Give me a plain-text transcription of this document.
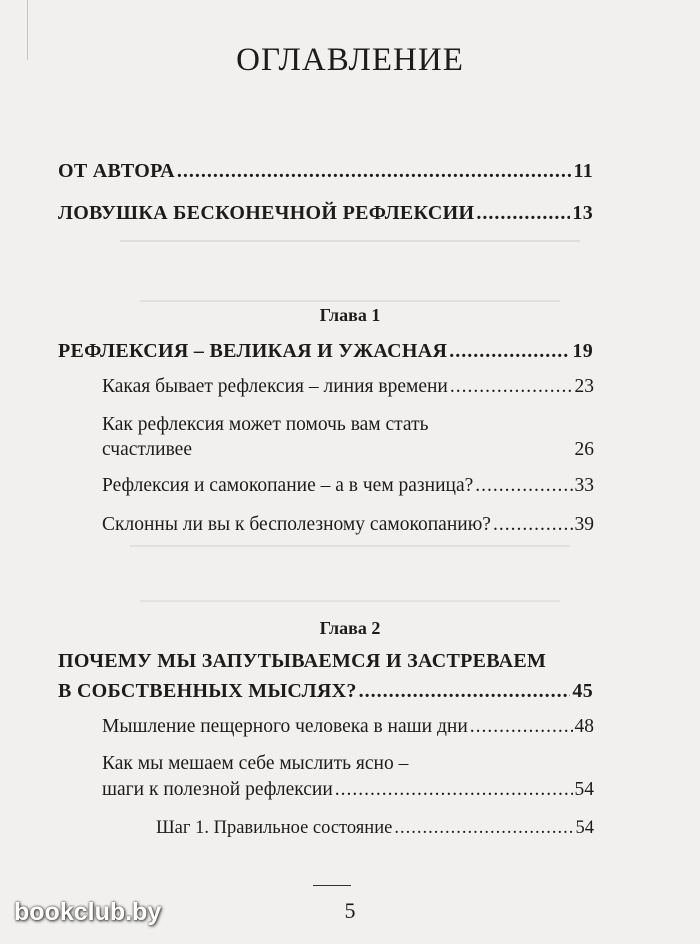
ОГЛАВЛЕНИЕ
ОТ АВТОРА .....	11
ЛОВУШКА БЕСКОНЕЧНОЙ РЕФЛЕКСИИ .....	13
Глава 1
РЕФЛЕКСИЯ – ВЕЛИКАЯ И УЖАСНАЯ .....	19
Какая бывает рефлексия – линия времени .....	23
Как рефлексия может помочь вам стать
счастливее	26
Рефлексия и самокопание – а в чем разница? .....	33
Склонны ли вы к бесполезному самокопанию? .....	39
Глава 2
ПОЧЕМУ МЫ ЗАПУТЫВАЕМСЯ И ЗАСТРЕВАЕМ
В СОБСТВЕННЫХ МЫСЛЯХ? .....	45
Мышление пещерного человека в наши дни .....	48
Как мы мешаем себе мыслить ясно –
шаги к полезной рефлексии .....	54
Шаг 1. Правильное состояние .....	54
5
bookclub.by
